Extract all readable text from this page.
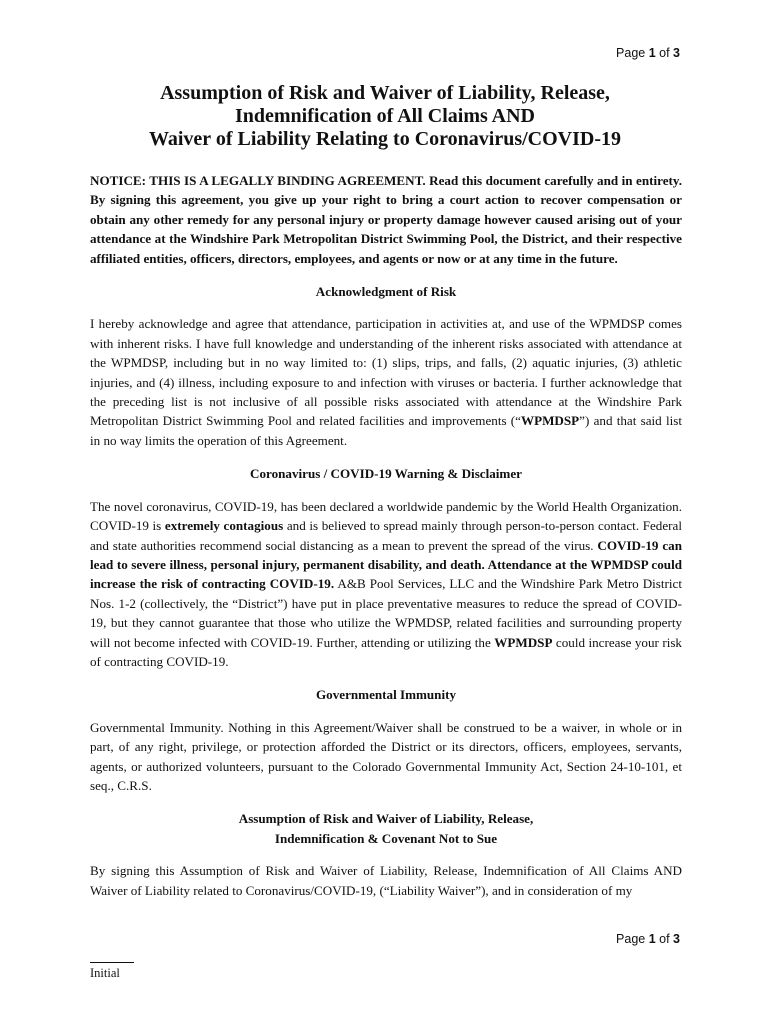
Page 1 of 3
Assumption of Risk and Waiver of Liability, Release,
Indemnification of All Claims AND
Waiver of Liability Relating to Coronavirus/COVID-19

NOTICE: THIS IS A LEGALLY BINDING AGREEMENT. Read this document carefully and in entirety. By signing this agreement, you give up your right to bring a court action to recover compensation or obtain any other remedy for any personal injury or property damage however caused arising out of your attendance at the Windshire Park Metropolitan District Swimming Pool, the District, and their respective affiliated entities, officers, directors, employees, and agents or now or at any time in the future.

Acknowledgment of Risk

I hereby acknowledge and agree that attendance, participation in activities at, and use of the WPMDSP comes with inherent risks. I have full knowledge and understanding of the inherent risks associated with attendance at the WPMDSP, including but in no way limited to: (1) slips, trips, and falls, (2) aquatic injuries, (3) athletic injuries, and (4) illness, including exposure to and infection with viruses or bacteria. I further acknowledge that the preceding list is not inclusive of all possible risks associated with attendance at the Windshire Park Metropolitan District Swimming Pool and related facilities and improvements (“WPMDSP”) and that said list in no way limits the operation of this Agreement.

Coronavirus / COVID-19 Warning & Disclaimer

The novel coronavirus, COVID-19, has been declared a worldwide pandemic by the World Health Organization. COVID-19 is extremely contagious and is believed to spread mainly through person-to-person contact. Federal and state authorities recommend social distancing as a mean to prevent the spread of the virus. COVID-19 can lead to severe illness, personal injury, permanent disability, and death. Attendance at the WPMDSP could increase the risk of contracting COVID-19. A&B Pool Services, LLC and the Windshire Park Metro District Nos. 1-2 (collectively, the “District”) have put in place preventative measures to reduce the spread of COVID-19, but they cannot guarantee that those who utilize the WPMDSP, related facilities and surrounding property will not become infected with COVID-19. Further, attending or utilizing the WPMDSP could increase your risk of contracting COVID-19.

Governmental Immunity

Governmental Immunity. Nothing in this Agreement/Waiver shall be construed to be a waiver, in whole or in part, of any right, privilege, or protection afforded the District or its directors, officers, employees, servants, agents, or authorized volunteers, pursuant to the Colorado Governmental Immunity Act, Section 24-10-101, et seq., C.R.S.

Assumption of Risk and Waiver of Liability, Release,
Indemnification & Covenant Not to Sue

By signing this Assumption of Risk and Waiver of Liability, Release, Indemnification of All Claims AND Waiver of Liability related to Coronavirus/COVID-19, (“Liability Waiver”), and in consideration of my

Page 1 of 3
Initial
